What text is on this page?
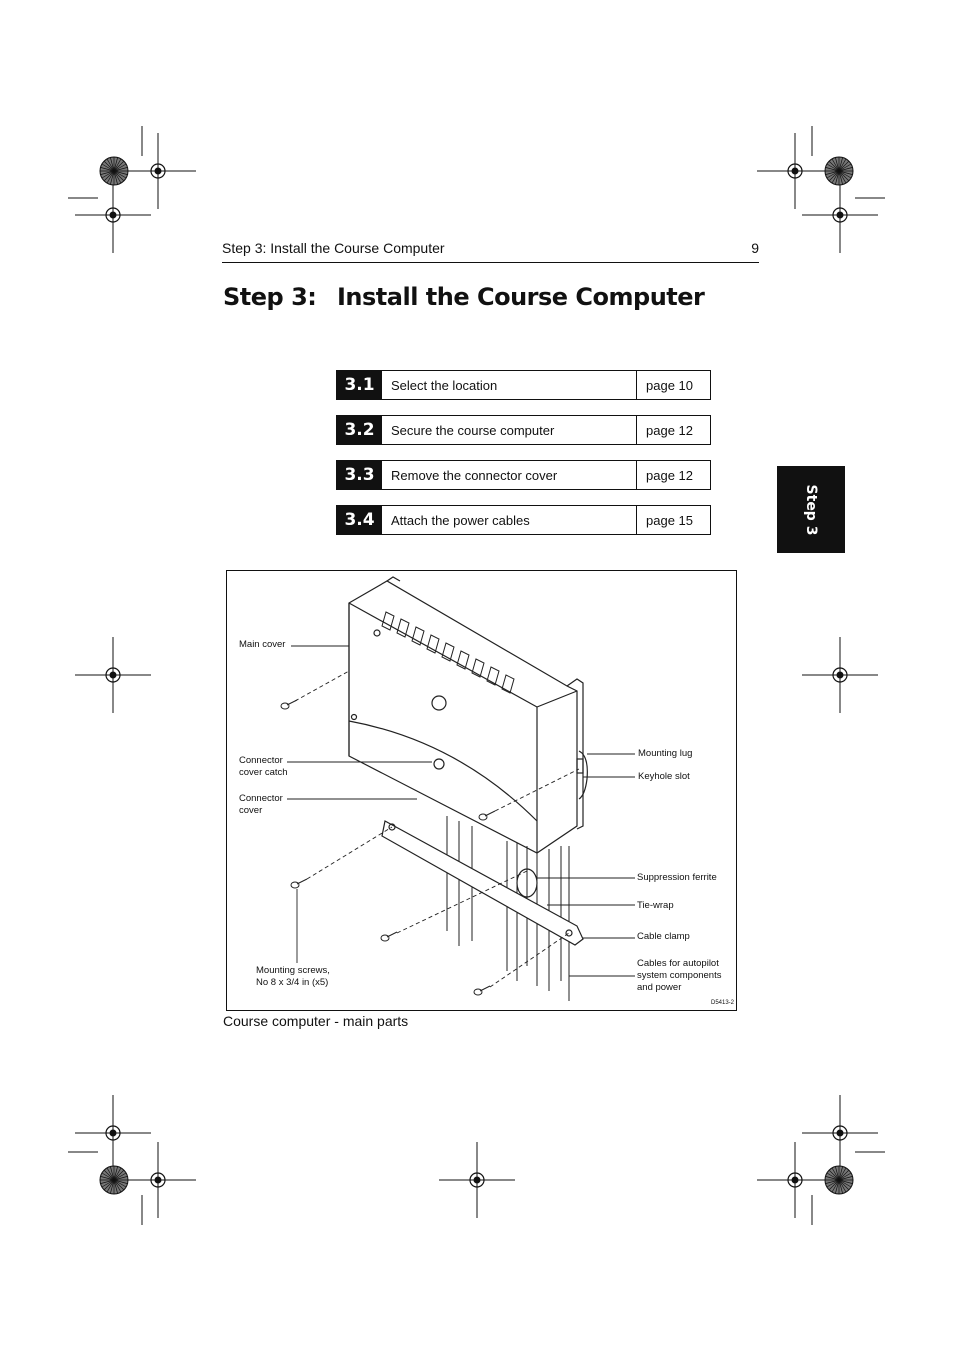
Step 3: Install the Course Computer	9
Step 3: Install the Course Computer
3.1	Select the location	page 10
3.2	Secure the course computer	page 12
3.3	Remove the connector cover	page 12
3.4	Attach the power cables	page 15	Step 3
Main cover
Connector
cover catch
Connector
cover
Mounting screws,
No 8 x 3/4 in (x5)
Mounting lug
Keyhole slot
Suppression ferrite
Tie-wrap
Cable clamp
Cables for autopilot
system components
and power
D5413-2
Course computer - main parts
